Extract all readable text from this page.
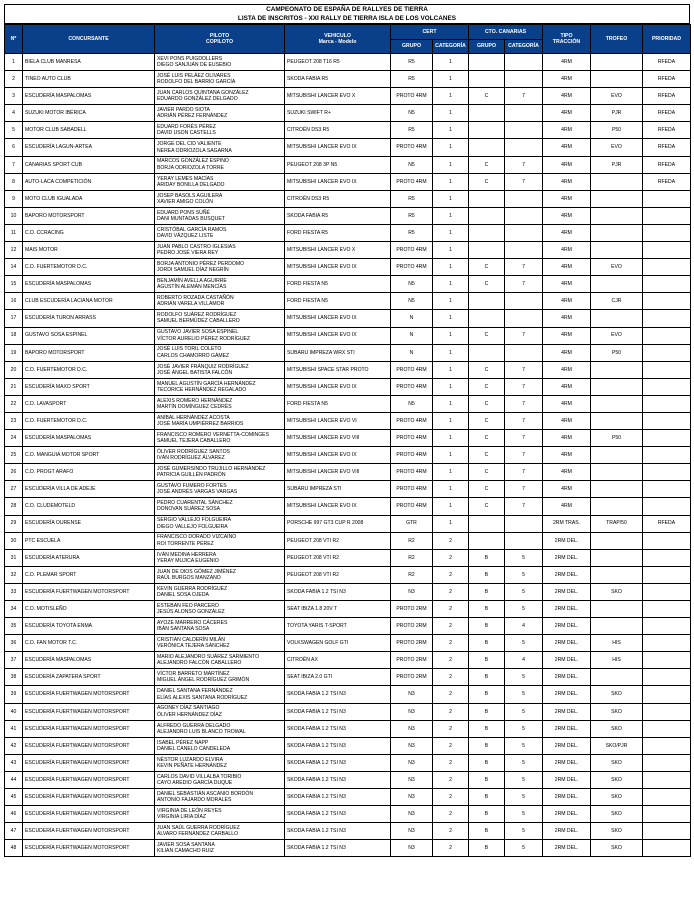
CAMPEONATO DE ESPAÑA DE RALLYES DE TIERRA
LISTA DE INSCRITOS - XXI RALLY DE TIERRA ISLA DE LOS VOLCANES
Nº	CONCURSANTE	PILOTO
COPILOTO	VEHICULO
Marca - Modelo	CERT		CTO. CANARIAS		TIPO
TRACCIÓN	TROFEO	PRIORIDAD
				GRUPO	CATEGORÍA	GRUPO	CATEGORÍA			
1	BIELA CLUB MANRESA	XEVI PONS PUIGDOLLERS
DIEGO SANJUÁN DE EUSEBIO	PEUGEOT 208 T16 R5	R5	1			4RM		RFEDA
2	TINEO AUTO CLUB	JOSÉ LUIS PELÁEZ OLIVARES
RODOLFO DEL BARRIO GARCÍA	SKODA FABIA R5	R5	1			4RM		RFEDA
3	ESCUDERÍA MASPALOMAS	JUAN CARLOS QUINTANA GONZÁLEZ
EDUARDO GONZÁLEZ DELGADO	MITSUBISHI LANCER EVO X	PROTO 4RM	1	C	7	4RM	EVO	RFEDA
4	SUZUKI MOTOR IBÉRICA	JAVIER PARDO SIOTA
ADRIÁN PÉREZ FERNÁNDEZ	SUZUKI SWIFT R+	N5	1			4RM	PJR	RFEDA
5	MOTOR CLUB SABADELL	EDUARD FORÉS PÉREZ
DAVID USON CASTELLS	CITROËN DS3 R5	R5	1			4RM	P50	RFEDA
6	ESCUDERÍA LAGUN-ARTEA	JORGE DEL CID VALIENTE
NEREA ODRIOZOLA SAGARNA	MITSUBISHI LANCER EVO IX	PROTO 4RM	1			4RM	EVO	RFEDA
7	CANARIAS SPORT CUB	MARCOS GONZÁLEZ ESPINO
BORJA ODRIOZOLA TORRE	PEUGEOT 208 3P N5	N5	1	C	7	4RM	PJR	RFEDA
8	AUTO-LACA COMPETICIÓN	YERAY LEMES MACÍAS
ARIDAY BONILLA DELGADO	MITSUBISHI LANCER EVO IX	PROTO 4RM	1	C	7	4RM		RFEDA
9	MOTO CLUB IGUALADA	JOSEP BASOLS AGUILERA
XAVIER AMIGO COLÓN	CITROËN DS3 R5	R5	1			4RM		
10	BAPORO MOTORSPORT	EDUARD PONS SUÑÉ
DANI MUNTADAS BUSQUET	SKODA FABIA R5	R5	1			4RM		
11	C.D. CCRACING	CRISTÓBAL GARCÍA RAMOS
DAVID VÁZQUEZ LISTE	FORD FIESTA R5	R5	1			4RM		
12	MAIS MOTOR	JUAN PABLO CASTRO IGLESIAS
PEDRO JOSÉ VIERA REY	MITSUBISHI LANCER EVO X	PROTO 4RM	1			4RM		
14	C.D. FUERTEMOTOR D.C.	BORJA ANTONIO PÉREZ PERDOMO
JORDI SAMUEL DÍAZ NEGRÍN	MITSUBISHI LANCER EVO IX	PROTO 4RM	1	C	7	4RM	EVO	
15	ESCUDERÍA MASPALOMAS	BENJAMÍN AVELLA AGUIRRE
AGUSTÍN ALEMÁN MENCÍAS	FORD FIESTA N5	N5	1	C	7	4RM		
16	CLUB ESCUDERÍA LACIANA MOTOR	ROBERTO ROZADA CASTAÑÓN
ADRIÁN VARELA VILLAMOR	FORD FIESTA N5	N5	1			4RM	CJR	
17	ESCUDERÍA TURON ARRASS	RODOLFO SUÁREZ RODRÍGUEZ
SAMUEL BERMÚDEZ CABALLERO	MITSUBISHI LANCER EVO IX	N	1			4RM		
18	GUSTAVO SOSA ESPINEL	GUSTAVO JAVIER SOSA ESPINEL
VÍCTOR AURELIO PÉREZ RODRÍGUEZ	MITSUBISHI LANCER EVO IX	N	1	C	7	4RM	EVO	
19	BAPORO MOTORSPORT	JOSÉ LUIS TORIL COLETO
CARLOS CHAMORRO GÁMEZ	SUBARU IMPREZA WRX STI	N	1			4RM	P50	
20	C.D. FUERTEMOTOR D.C.	JOSÉ JAVIER FRÁNQUIZ RODRÍGUEZ
JOSÉ ÁNGEL BATISTA FALCÓN	MITSUBISHI SPACE STAR PROTO	PROTO 4RM	1	C	7	4RM		
21	ESCUDERÍA MAXO SPORT	MANUEL AGUSTÍN GARCÍA HERNÁNDEZ
TECORICE HERNÁNDEZ REGALADO	MITSUBISHI LANCER EVO IX	PROTO 4RM	1	C	7	4RM		
22	C.D. LAVASPORT	ALEXIS ROMERO HERNÁNDEZ
MARTÍN DOMÍNGUEZ CEDRÉS	FORD FIESTA N5	N5	1	C	7	4RM		
23	C.D. FUERTEMOTOR D.C.	ANÍBAL HERNÁNDEZ ACOSTA
JOSÉ MARÍA UMPIÉRREZ BARRIOS	MITSUBISHI LANCER EVO VI	PROTO 4RM	1	C	7	4RM		
24	ESCUDERÍA MASPALOMAS	FRANCISCO ROMERO VERNETTA-COMINGES
SAMUEL TEJERA CABALLERO	MITSUBISHI LANCER EVO VIII	PROTO 4RM	1	C	7	4RM	P50	
25	C.D. MANGUIA MOTOR SPORT	ÓLIVER RODRÍGUEZ SANTOS
IVÁN RODRÍGUEZ ÁLVAREZ	MITSUBISHI LANCER EVO IX	PROTO 4RM	1	C	7	4RM		
26	C.D. PROGT ARAFO	JOSÉ GUMERSINDO TRUJILLO HERNÁNDEZ
PATRICIA GUILLÉN PADRÓN	MITSUBISHI LANCER EVO VIII	PROTO 4RM	1	C	7	4RM		
27	ESCUDERÍA VILLA DE ADEJE	GUSTAVO FUMERO FORTES
JOSÉ ANDRÉS VARGAS VARGAS	SUBARU IMPREZA STI	PROTO 4RM	1	C	7	4RM		
28	C.D. CLUDEMOTELD	PEDRO CUARENTAL SÁNCHEZ
DONOVAN SUÁREZ SOSA	MITSUBISHI LANCER EVO IX	PROTO 4RM	1	C	7	4RM		
29	ESCUDERÍA OURENSE	SERGIO VALLEJO FOLGUEIRA
DIEGO VALLEJO FOLGUEIRA	PORSCHE 997 GT3 CUP R 2008	GTR	1			2RM TRAS.	TRAP/50	RFEDA
30	PTC ESCUELA	FRANCISCO DORADO VIZCAÍNO
ROI TORRENTE PÉREZ	PEUGEOT 208 VTI R2	R2	2			2RM DEL.		
31	ESCUDERÍA ATERURA	IVÁN MEDINA HERRERA
YERAY MUJICA EUGENIO	PEUGEOT 208 VTI R2	R2	2	B	5	2RM DEL.		
32	C.D. PLEMAR SPORT	JUAN DE DIOS GÓMEZ JIMÉNEZ
RAÚL BURGOS MANZANO	PEUGEOT 208 VTI R2	R2	2	B	5	2RM DEL.		
33	ESCUDERÍA FUERTWAGEN MOTORSPORT	KEVIN GUERRA RODRÍGUEZ
DANIEL SOSA OJEDA	SKODA FABIA 1.2 TSI N3	N3	2	B	5	2RM DEL.	SKO	
34	C.D. MOTISLEÑO	ESTEBAN FEO PARCERO
JESÚS ALONSO GONZÁLEZ	SEAT IBIZA 1.8 20V T	PROTO 2RM	2	B	5	2RM DEL.		
35	ESCUDERÍA TOYOTA ENMA	AYOZE MARRERO CÁCERES
IBÁN SANTANA SOSA	TOYOTA YARIS T-SPORT	PROTO 2RM	2	B	4	2RM DEL.		
36	C.D. FAN MOTOR T.C.	CRISTIAN CALDERÍN MILÁN
VERÓNICA TEJERA SÁNCHEZ	VOLKSWAGEN GOLF GTI	PROTO 2RM	2	B	5	2RM DEL.	HIS	
37	ESCUDERÍA MASPALOMAS	MARIO ALEJANDRO SUÁREZ SARMIENTO
ALEJANDRO FALCÓN CABALLERO	CITROËN AX	PROTO 2RM	2	B	4	2RM DEL.	HIS	
38	ESCUDERÍA ZAPATERA SPORT	VÍCTOR BARRETO MARTÍNEZ
MIGUEL ÁNGEL RODRÍGUEZ GRIMÓN	SEAT IBIZA 2.0 GTI	PROTO 2RM	2	B	5	2RM DEL.		
39	ESCUDERÍA FUERTWAGEN MOTORSPORT	DANIEL SANTANA FERNÁNDEZ
ELÍAS ALEXIS SANTANA RODRÍGUEZ	SKODA FABIA 1.2 TSI N3	N3	2	B	5	2RM DEL.	SKO	
40	ESCUDERÍA FUERTWAGEN MOTORSPORT	AGONEY DÍAZ SANTIAGO
ÓLIVER HERNÁNDEZ DÍAZ	SKODA FABIA 1.2 TSI N3	N3	2	B	5	2RM DEL.	SKO	
41	ESCUDERÍA FUERTWAGEN MOTORSPORT	ALFREDO GUERRA DELGADO
ALEJANDRO LUIS BLANCO TROWAL	SKODA FABIA 1.2 TSI N3	N3	2	B	5	2RM DEL.	SKO	
42	ESCUDERÍA FUERTWAGEN MOTORSPORT	ISABEL PÉREZ NAPP
DANIEL CANELO CANDELEDA	SKODA FABIA 1.2 TSI N3	N3	2	B	5	2RM DEL.	SKO/PJR	
43	ESCUDERÍA FUERTWAGEN MOTORSPORT	NÉSTOR LUZARDO ELVIRA
KEVIN PEÑATE HERNÁNDEZ	SKODA FABIA 1.2 TSI N3	N3	2	B	5	2RM DEL.	SKO	
44	ESCUDERÍA FUERTWAGEN MOTORSPORT	CARLOS DAVID VILLALBA TORIBIO
CAYO AREDIO GARCÍA DUQUE	SKODA FABIA 1.2 TSI N3	N3	2	B	5	2RM DEL.	SKO	
45	ESCUDERÍA FUERTWAGEN MOTORSPORT	DANIEL SEBASTIÁN ASCANIO BORDÓN
ANTONIO FAJARDO MORALES	SKODA FABIA 1.2 TSI N3	N3	2	B	5	2RM DEL.	SKO	
46	ESCUDERÍA FUERTWAGEN MOTORSPORT	VIRGINIA DE LEÓN REYES
VIRGINIA LIRIA DÍAZ	SKODA FABIA 1.2 TSI N3	N3	2	B	5	2RM DEL.	SKO	
47	ESCUDERÍA FUERTWAGEN MOTORSPORT	JUAN SAÚL GUERRA RODRÍGUEZ
ÁLVARO FERNÁNDEZ CARBALLO	SKODA FABIA 1.2 TSI N3	N3	2	B	5	2RM DEL.	SKO	
48	ESCUDERÍA FUERTWAGEN MOTORSPORT	JAVIER SOSA SANTANA
KILIAN CAMACHO RUIZ	SKODA FABIA 1.2 TSI N3	N3	2	B	5	2RM DEL.	SKO	
